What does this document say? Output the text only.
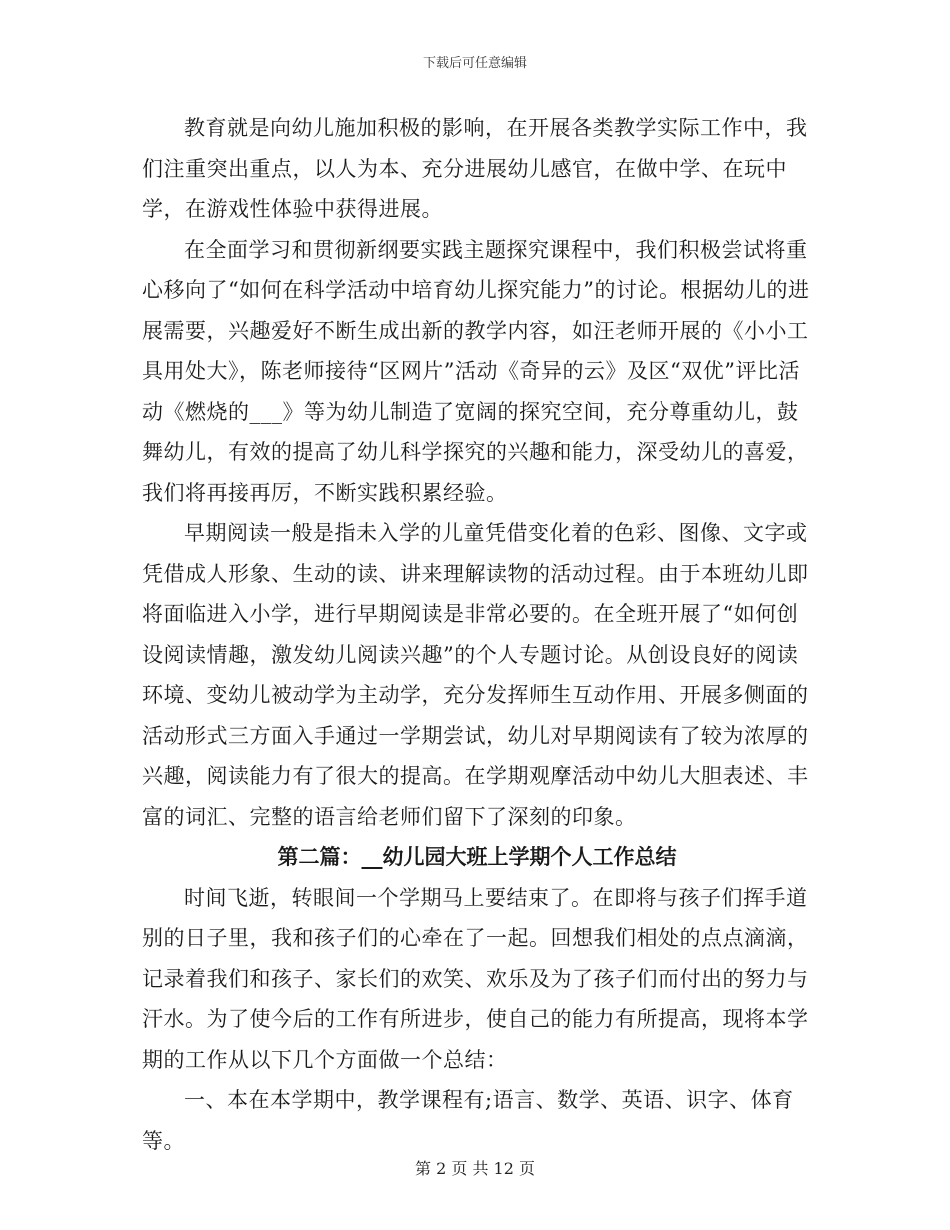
下载后可任意编辑

教育就是向幼儿施加积极的影响，在开展各类教学实际工作中，我们注重突出重点，以人为本、充分进展幼儿感官，在做中学、在玩中学，在游戏性体验中获得进展。

在全面学习和贯彻新纲要实践主题探究课程中，我们积极尝试将重心移向了“如何在科学活动中培育幼儿探究能力”的讨论。根据幼儿的进展需要，兴趣爱好不断生成出新的教学内容，如汪老师开展的《小小工具用处大》，陈老师接待“区网片”活动《奇异的云》及区“双优”评比活动《燃烧的___》等为幼儿制造了宽阔的探究空间，充分尊重幼儿，鼓舞幼儿，有效的提高了幼儿科学探究的兴趣和能力，深受幼儿的喜爱，我们将再接再厉，不断实践积累经验。

早期阅读一般是指未入学的儿童凭借变化着的色彩、图像、文字或凭借成人形象、生动的读、讲来理解读物的活动过程。由于本班幼儿即将面临进入小学，进行早期阅读是非常必要的。在全班开展了“如何创设阅读情趣，激发幼儿阅读兴趣”的个人专题讨论。从创设良好的阅读环境、变幼儿被动学为主动学，充分发挥师生互动作用、开展多侧面的活动形式三方面入手通过一学期尝试，幼儿对早期阅读有了较为浓厚的兴趣，阅读能力有了很大的提高。在学期观摩活动中幼儿大胆表述、丰富的词汇、完整的语言给老师们留下了深刻的印象。

第二篇：__幼儿园大班上学期个人工作总结

时间飞逝，转眼间一个学期马上要结束了。在即将与孩子们挥手道别的日子里，我和孩子们的心牵在了一起。回想我们相处的点点滴滴，记录着我们和孩子、家长们的欢笑、欢乐及为了孩子们而付出的努力与汗水。为了使今后的工作有所进步，使自己的能力有所提高，现将本学期的工作从以下几个方面做一个总结：

一、本在本学期中，教学课程有;语言、数学、英语、识字、体育等。

第 2 页 共 12 页
